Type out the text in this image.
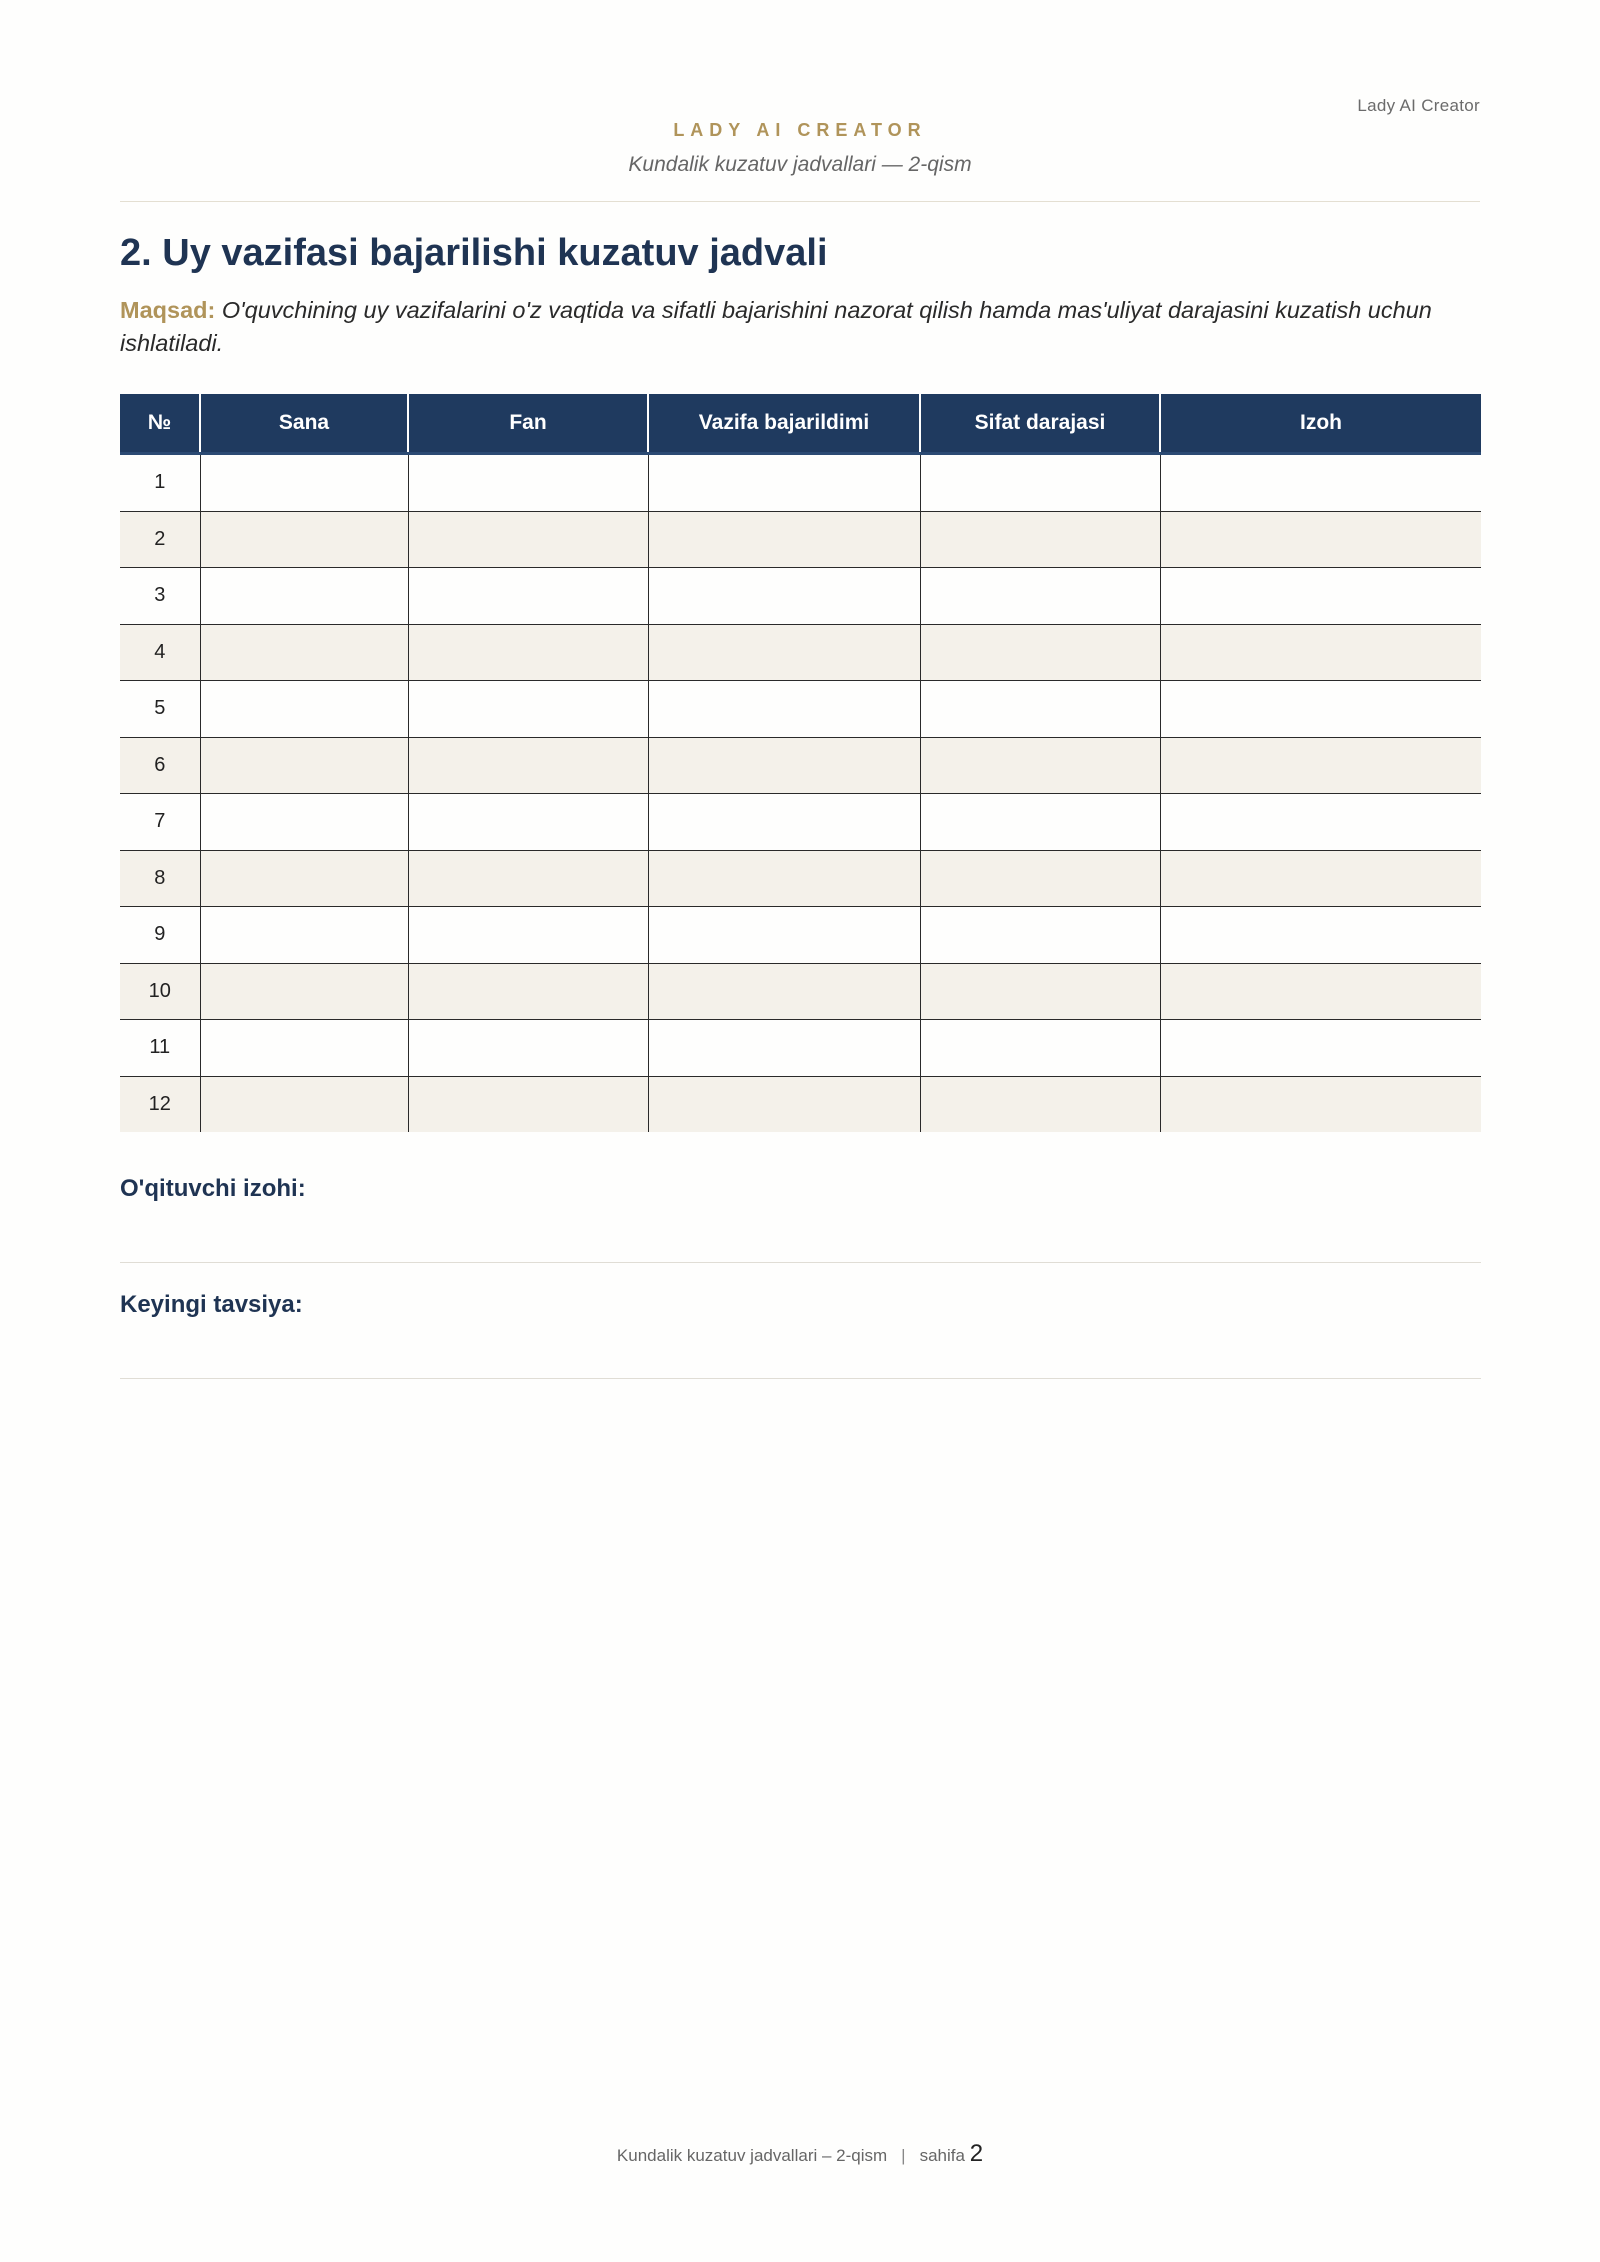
Lady AI Creator
LADY AI CREATOR
Kundalik kuzatuv jadvallari — 2-qism
2. Uy vazifasi bajarilishi kuzatuv jadvali

Maqsad: O'quvchining uy vazifalarini o'z vaqtida va sifatli bajarishini nazorat qilish hamda mas'uliyat darajasini kuzatish uchun ishlatiladi.

№	Sana	Fan	Vazifa bajarildimi	Sifat darajasi	Izoh
1					
2					
3					
4					
5					
6					
7					
8					
9					
10					
11					
12					
O'qituvchi izohi:
Keyingi tavsiya:
Kundalik kuzatuv jadvallari – 2-qism | sahifa 2
